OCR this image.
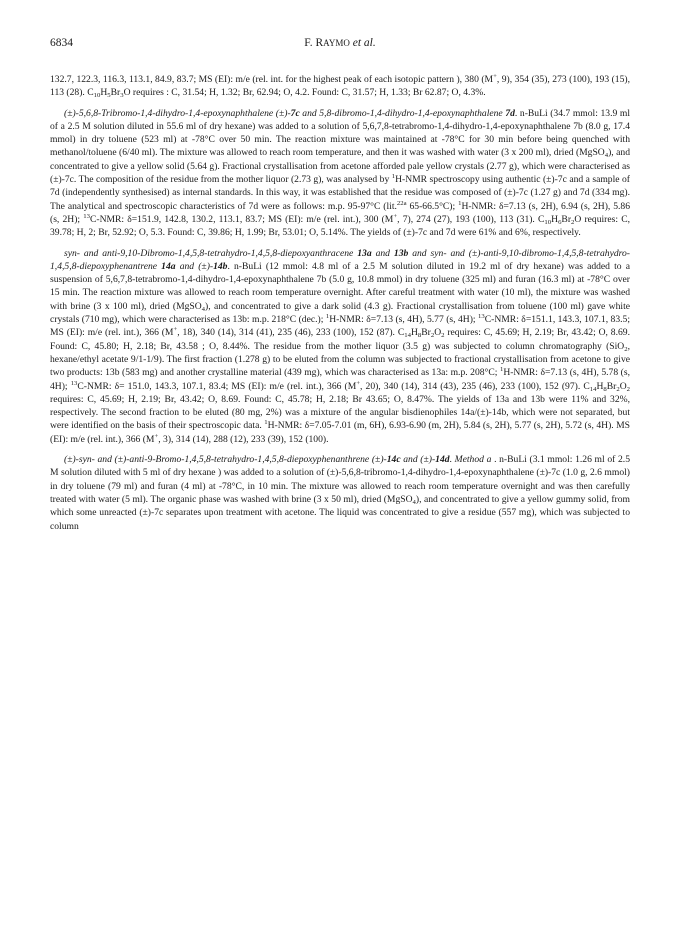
6834	F. RAYMO et al.

132.7, 122.3, 116.3, 113.1, 84.9, 83.7; MS (EI): m/e (rel. int. for the highest peak of each isotopic pattern ), 380 (M+, 9), 354 (35), 273 (100), 193 (15), 113 (28). $C_{10}H_5Br_3O$ requires : C, 31.54; H, 1.32; Br, 62.94; O, 4.2. Found: C, 31.57; H, 1.33; Br 62.87; O, 4.3%.

(±)-5,6,8-Tribromo-1,4-dihydro-1,4-epoxynaphthalene (±)-7c and 5,8-dibromo-1,4-dihydro-1,4-epoxynaphthalene 7d. n-BuLi (34.7 mmol: 13.9 ml of a 2.5 M solution diluted in 55.6 ml of dry hexane) was added to a solution of 5,6,7,8-tetrabromo-1,4-dihydro-1,4-epoxynaphthalene 7b (8.0 g, 17.4 mmol) in dry toluene (523 ml) at -78°C over 50 min. The reaction mixture was maintained at -78°C for 30 min before being quenched with methanol/toluene (6/40 ml). The mixture was allowed to reach room temperature, and then it was washed with water (3 x 200 ml), dried (MgSO$_4$), and concentrated to give a yellow solid (5.64 g). Fractional crystallisation from acetone afforded pale yellow crystals (2.77 g), which were characterised as (±)-7c. The composition of the residue from the mother liquor (2.73 g), was analysed by $^1$H-NMR spectroscopy using authentic (±)-7c and a sample of 7d (independently synthesised) as internal standards. In this way, it was established that the residue was composed of (±)-7c (1.27 g) and 7d (334 mg). The analytical and spectroscopic characteristics of 7d were as follows: m.p. 95-97°C (lit.$^{22a}$ 65-66.5°C); $^1$H-NMR: δ=7.13 (s, 2H), 6.94 (s, 2H), 5.86 (s, 2H); $^{13}$C-NMR: δ=151.9, 142.8, 130.2, 113.1, 83.7; MS (EI): m/e (rel. int.), 300 (M+, 7), 274 (27), 193 (100), 113 (31). $C_{10}H_6Br_2O$ requires: C, 39.78; H, 2; Br, 52.92; O, 5.3. Found: C, 39.86; H, 1.99; Br, 53.01; O, 5.14%. The yields of (±)-7c and 7d were 61% and 6%, respectively.

syn- and anti-9,10-Dibromo-1,4,5,8-tetrahydro-1,4,5,8-diepoxyanthracene 13a and 13b and syn- and (±)-anti-9,10-dibromo-1,4,5,8-tetrahydro-1,4,5,8-diepoxyphenantrene 14a and (±)-14b. n-BuLi (12 mmol: 4.8 ml of a 2.5 M solution diluted in 19.2 ml of dry hexane) was added to a suspension of 5,6,7,8-tetrabromo-1,4-dihydro-1,4-epoxynaphthalene 7b (5.0 g, 10.8 mmol) in dry toluene (325 ml) and furan (16.3 ml) at -78°C over 15 min. The reaction mixture was allowed to reach room temperature overnight. After careful treatment with water (10 ml), the mixture was washed with brine (3 x 100 ml), dried (MgSO$_4$), and concentrated to give a dark solid (4.3 g). Fractional crystallisation from toluene (100 ml) gave white crystals (710 mg), which were characterised as 13b: m.p. 218°C (dec.); $^1$H-NMR: δ=7.13 (s, 4H), 5.77 (s, 4H); $^{13}$C-NMR: δ=151.1, 143.3, 107.1, 83.5; MS (EI): m/e (rel. int.), 366 (M+, 18), 340 (14), 314 (41), 235 (46), 233 (100), 152 (87). $C_{14}H_8Br_2O_2$ requires: C, 45.69; H, 2.19; Br, 43.42; O, 8.69. Found: C, 45.80; H, 2.18; Br, 43.58 ; O, 8.44%. The residue from the mother liquor (3.5 g) was subjected to column chromatography (SiO$_2$, hexane/ethyl acetate 9/1-1/9). The first fraction (1.278 g) to be eluted from the column was subjected to fractional crystallisation from acetone to give two products: 13b (583 mg) and another crystalline material (439 mg), which was characterised as 13a: m.p. 208°C; $^1$H-NMR: δ=7.13 (s, 4H), 5.78 (s, 4H); $^{13}$C-NMR: δ= 151.0, 143.3, 107.1, 83.4; MS (EI): m/e (rel. int.), 366 (M+, 20), 340 (14), 314 (43), 235 (46), 233 (100), 152 (97). $C_{14}H_8Br_2O_2$ requires: C, 45.69; H, 2.19; Br, 43.42; O, 8.69. Found: C, 45.78; H, 2.18; Br 43.65; O, 8.47%. The yields of 13a and 13b were 11% and 32%, respectively. The second fraction to be eluted (80 mg, 2%) was a mixture of the angular bisdienophiles 14a/(±)-14b, which were not separated, but were identified on the basis of their spectroscopic data. $^1$H-NMR: δ=7.05-7.01 (m, 6H), 6.93-6.90 (m, 2H), 5.84 (s, 2H), 5.77 (s, 2H), 5.72 (s, 4H). MS (EI): m/e (rel. int.), 366 (M+, 3), 314 (14), 288 (12), 233 (39), 152 (100).

(±)-syn- and (±)-anti-9-Bromo-1,4,5,8-tetrahydro-1,4,5,8-diepoxyphenanthrene (±)-14c and (±)-14d. Method a . n-BuLi (3.1 mmol: 1.26 ml of 2.5 M solution diluted with 5 ml of dry hexane ) was added to a solution of (±)-5,6,8-tribromo-1,4-dihydro-1,4-epoxynaphthalene (±)-7c (1.0 g, 2.6 mmol) in dry toluene (79 ml) and furan (4 ml) at -78°C, in 10 min. The mixture was allowed to reach room temperature overnight and was then carefully treated with water (5 ml). The organic phase was washed with brine (3 x 50 ml), dried (MgSO$_4$), and concentrated to give a yellow gummy solid, from which some unreacted (±)-7c separates upon treatment with acetone. The liquid was concentrated to give a residue (557 mg), which was subjected to column
